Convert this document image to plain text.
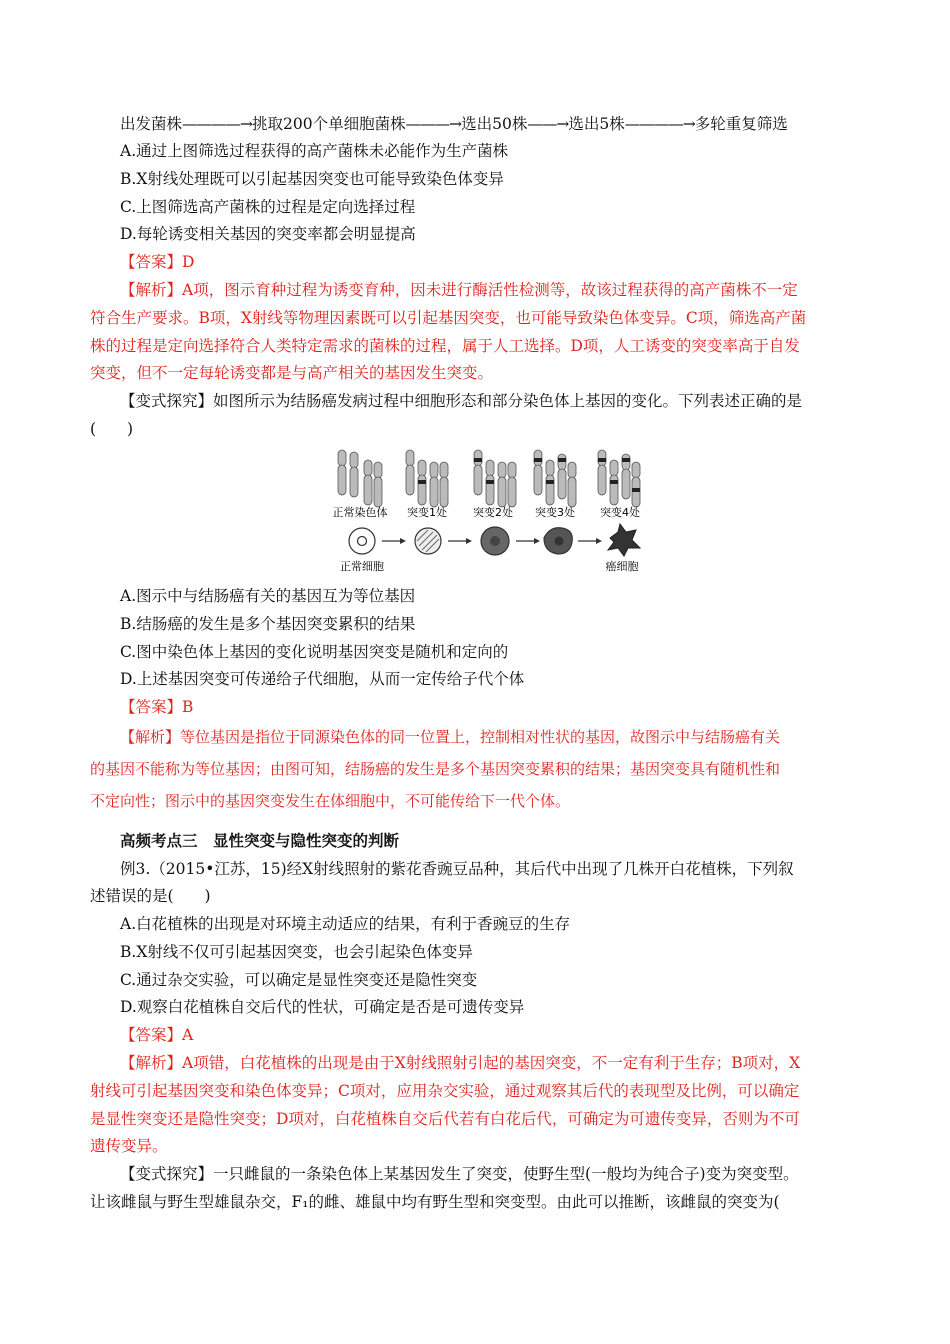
出发菌株————→挑取200个单细胞菌株———→选出50株——→选出5株————→多轮重复筛选
A.通过上图筛选过程获得的高产菌株未必能作为生产菌株
B.X射线处理既可以引起基因突变也可能导致染色体变异
C.上图筛选高产菌株的过程是定向选择过程
D.每轮诱变相关基因的突变率都会明显提高
【答案】D
【解析】A项，图示育种过程为诱变育种，因未进行酶活性检测等，故该过程获得的高产菌株不一定
符合生产要求。B项，X射线等物理因素既可以引起基因突变，也可能导致染色体变异。C项，筛选高产菌
株的过程是定向选择符合人类特定需求的菌株的过程，属于人工选择。D项，人工诱变的突变率高于自发
突变，但不一定每轮诱变都是与高产相关的基因发生突变。
【变式探究】如图所示为结肠癌发病过程中细胞形态和部分染色体上基因的变化。下列表述正确的是
(　　)
正常染色体 突变1处 突变2处 突变3处 突变4处
正常细胞	癌细胞
A.图示中与结肠癌有关的基因互为等位基因
B.结肠癌的发生是多个基因突变累积的结果
C.图中染色体上基因的变化说明基因突变是随机和定向的
D.上述基因突变可传递给子代细胞，从而一定传给子代个体
【答案】B
【解析】等位基因是指位于同源染色体的同一位置上，控制相对性状的基因，故图示中与结肠癌有关
的基因不能称为等位基因；由图可知，结肠癌的发生是多个基因突变累积的结果；基因突变具有随机性和
不定向性；图示中的基因突变发生在体细胞中，不可能传给下一代个体。
高频考点三　显性突变与隐性突变的判断
例3.（2015•江苏，15)经X射线照射的紫花香豌豆品种，其后代中出现了几株开白花植株，下列叙
述错误的是(　　)
A.白花植株的出现是对环境主动适应的结果，有利于香豌豆的生存
B.X射线不仅可引起基因突变，也会引起染色体变异
C.通过杂交实验，可以确定是显性突变还是隐性突变
D.观察白花植株自交后代的性状，可确定是否是可遗传变异
【答案】A
【解析】A项错，白花植株的出现是由于X射线照射引起的基因突变，不一定有利于生存；B项对，X
射线可引起基因突变和染色体变异；C项对，应用杂交实验，通过观察其后代的表现型及比例，可以确定
是显性突变还是隐性突变；D项对，白花植株自交后代若有白花后代，可确定为可遗传变异，否则为不可
遗传变异。
【变式探究】一只雌鼠的一条染色体上某基因发生了突变，使野生型(一般均为纯合子)变为突变型。
让该雌鼠与野生型雄鼠杂交，F₁的雌、雄鼠中均有野生型和突变型。由此可以推断，该雌鼠的突变为(
